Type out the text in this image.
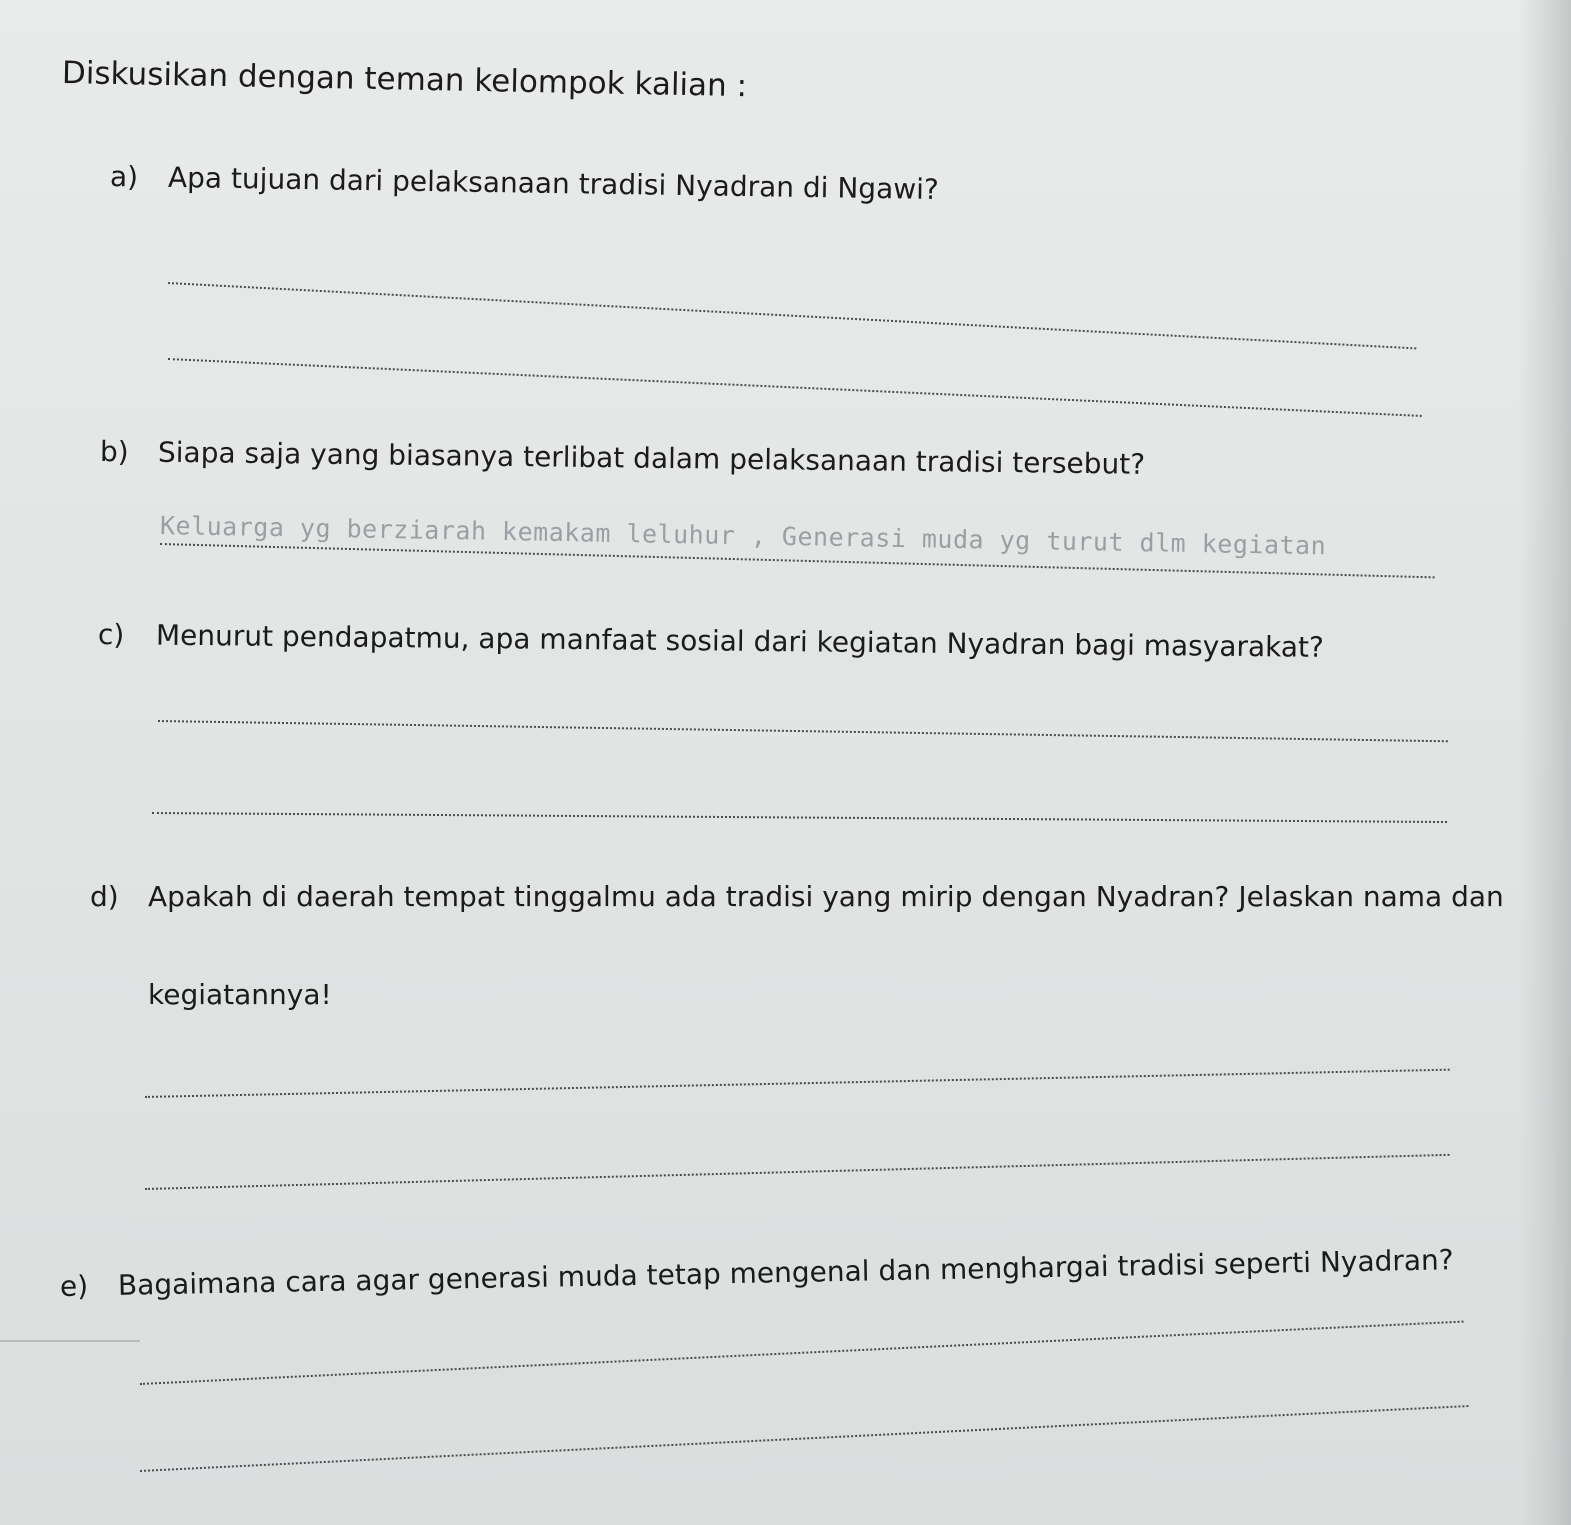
Diskusikan dengan teman kelompok kalian :
a)	Apa tujuan dari pelaksanaan tradisi Nyadran di Ngawi?
b)	Siapa saja yang biasanya terlibat dalam pelaksanaan tradisi tersebut?
Keluarga yg berziarah kemakam leluhur , Generasi muda yg turut dlm kegiatan
c)	Menurut pendapatmu, apa manfaat sosial dari kegiatan Nyadran bagi masyarakat?
d)	Apakah di daerah tempat tinggalmu ada tradisi yang mirip dengan Nyadran? Jelaskan nama dan
kegiatannya!
e)	Bagaimana cara agar generasi muda tetap mengenal dan menghargai tradisi seperti Nyadran?
